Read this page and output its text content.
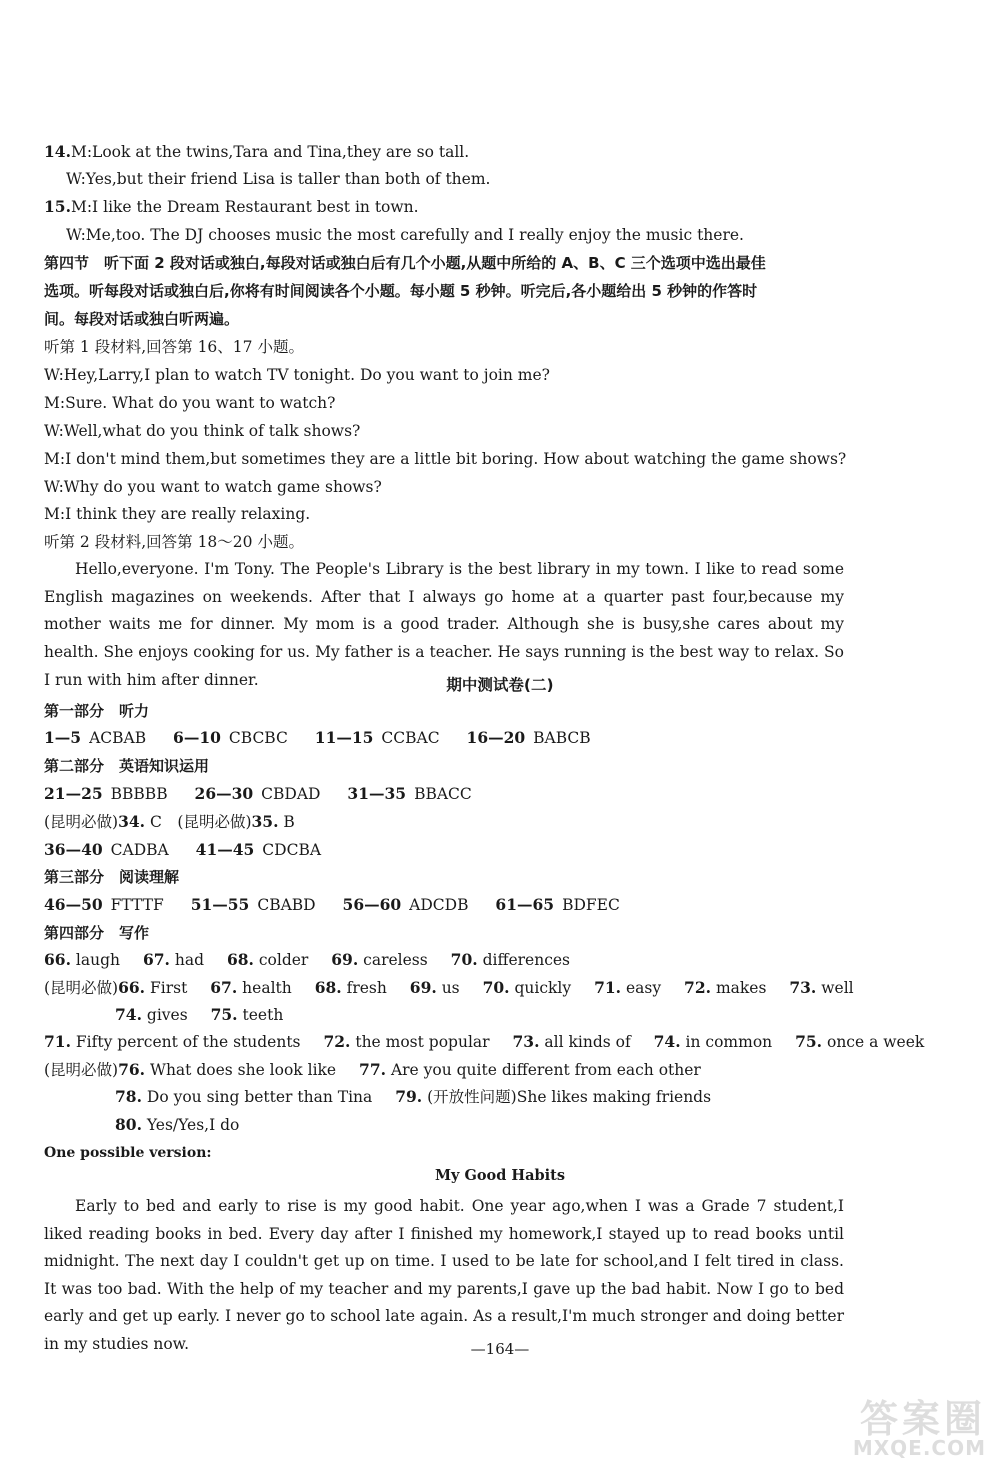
14.M:Look at the twins,Tara and Tina,they are so tall.
W:Yes,but their friend Lisa is taller than both of them.
15.M:I like the Dream Restaurant best in town.
W:Me,too. The DJ chooses music the most carefully and I really enjoy the music there.
第四节　 听下面 2 段对话或独白,每段对话或独白后有几个小题,从题中所给的 A、B、C 三个选项中选出最佳
选项。听每段对话或独白后,你将有时间阅读各个小题。每小题 5 秒钟。听完后,各小题给出 5 秒钟的作答时
间。每段对话或独白听两遍。
听第 1 段材料,回答第 16、17 小题。
W:Hey,Larry,I plan to watch TV tonight. Do you want to join me?
M:Sure. What do you want to watch?
W:Well,what do you think of talk shows?
M:I don't mind them,but sometimes they are a little bit boring. How about watching the game shows?
W:Why do you want to watch game shows?
M:I think they are really relaxing.
听第 2 段材料,回答第 18～20 小题。

Hello,everyone. I'm Tony. The People's Library is the best library in my town. I like to read some English magazines on weekends. After that I always go home at a quarter past four,because my mother waits me for dinner. My mom is a good trader. Although she is busy,she cares about my health. She enjoys cooking for us. My father is a teacher. He says running is the best way to relax. So I run with him after dinner.	期中测试卷(二)
第一部分　听力
1—5 ACBAB 6—10 CBCBC 11—15 CCBAC 16—20 BABCB
第二部分　英语知识运用
21—25 BBBBB 26—30 CBDAD 31—35 BBACC
(昆明必做)34. C　 (昆明必做)35. B
36—40 CADBA 41—45 CDCBA
第三部分　阅读理解
46—50 FTTTF 51—55 CBABD 56—60 ADCDB 61—65 BDFEC
第四部分　写作
66. laugh 67. had 68. colder 69. careless 70. differences
(昆明必做)66. First 67. health 68. fresh 69. us 70. quickly 71. easy 72. makes 73. well
74. gives 75. teeth
71. Fifty percent of the students 72. the most popular 73. all kinds of 74. in common 75. once a week
(昆明必做)76. What does she look like 77. Are you quite different from each other
78. Do you sing better than Tina 79. (开放性问题)She likes making friends
80. Yes/Yes,I do
One possible version:
My Good Habits

Early to bed and early to rise is my good habit. One year ago,when I was a Grade 7 student,I liked reading books in bed. Every day after I finished my homework,I stayed up to read books until midnight. The next day I couldn't get up on time. I used to be late for school,and I felt tired in class. It was too bad. With the help of my teacher and my parents,I gave up the bad habit. Now I go to bed early and get up early. I never go to school late again. As a result,I'm much stronger and doing better in my studies now.	—164—
答案圈
MXQE.COM
